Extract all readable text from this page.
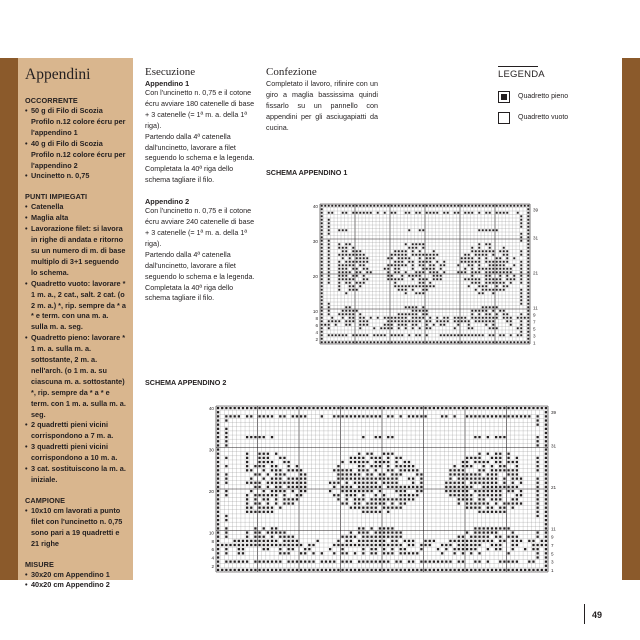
Appendini
OCCORRENTE
• 50 g di Filo di Scozia Profilo n.12 colore écru per l'appendino 1
• 40 g di Filo di Scozia Profilo n.12 colore écru per l'appendino 2
• Uncinetto n. 0,75
PUNTI IMPIEGATI
• Catenella
• Maglia alta
• Lavorazione filet: si lavora in righe di andata e ritorno su un numero di m. di base multiplo di 3+1 seguendo lo schema.
• Quadretto vuoto: lavorare * 1 m. a., 2 cat., salt. 2 cat. (o 2 m. a.) *, rip. sempre da * a * e term. con una m. a. sulla m. a. seg.
• Quadretto pieno: lavorare * 1 m. a. sulla m. a. sottostante, 2 m. a. nell'arch. (o 1 m. a. su ciascuna m. a. sottostante) *, rip. sempre da * a * e term. con 1 m. a. sulla m. a. seg.
• 2 quadretti pieni vicini corrispondono a 7 m. a.
• 3 quadretti pieni vicini corrispondono a 10 m. a.
• 3 cat. sostituiscono la m. a. iniziale.
CAMPIONE
• 10x10 cm lavorati a punto filet con l'uncinetto n. 0,75 sono pari a 19 quadretti e 21 righe
MISURE
• 30x20 cm Appendino 1
• 40x20 cm Appendino 2
Esecuzione
Appendino 1

Con l'uncinetto n. 0,75 e il cotone écru avviare 180 catenelle di base + 3 catenelle (= 1ª m. a. della 1ª riga).

Partendo dalla 4ª catenella dall'uncinetto, lavorare a filet seguendo lo schema e la legenda. Completata la 40ª riga dello schema tagliare il filo.

Appendino 2

Con l'uncinetto n. 0,75 e il cotone écru avviare 240 catenelle di base + 3 catenelle (= 1ª m. a. della 1ª riga).

Partendo dalla 4ª catenella dall'uncinetto, lavorare a filet seguendo lo schema e la legenda. Completata la 40ª riga dello schema tagliare il filo.

Confezione

Completato il lavoro, rifinire con un giro a maglia bassissima quindi fissarlo su un pannello con appendini per gli asciugapiatti da cucina.

LEGENDA
Quadretto pieno
Quadretto vuoto
SCHEMA APPENDINO 1
SCHEMA APPENDINO 2
40
30
20
10
8
6
4
2
39
31
21
11
9
7
5
3
1
40
30
20
10
8
6
4
2
39
31
21
11
9
7
5
3
1
49
